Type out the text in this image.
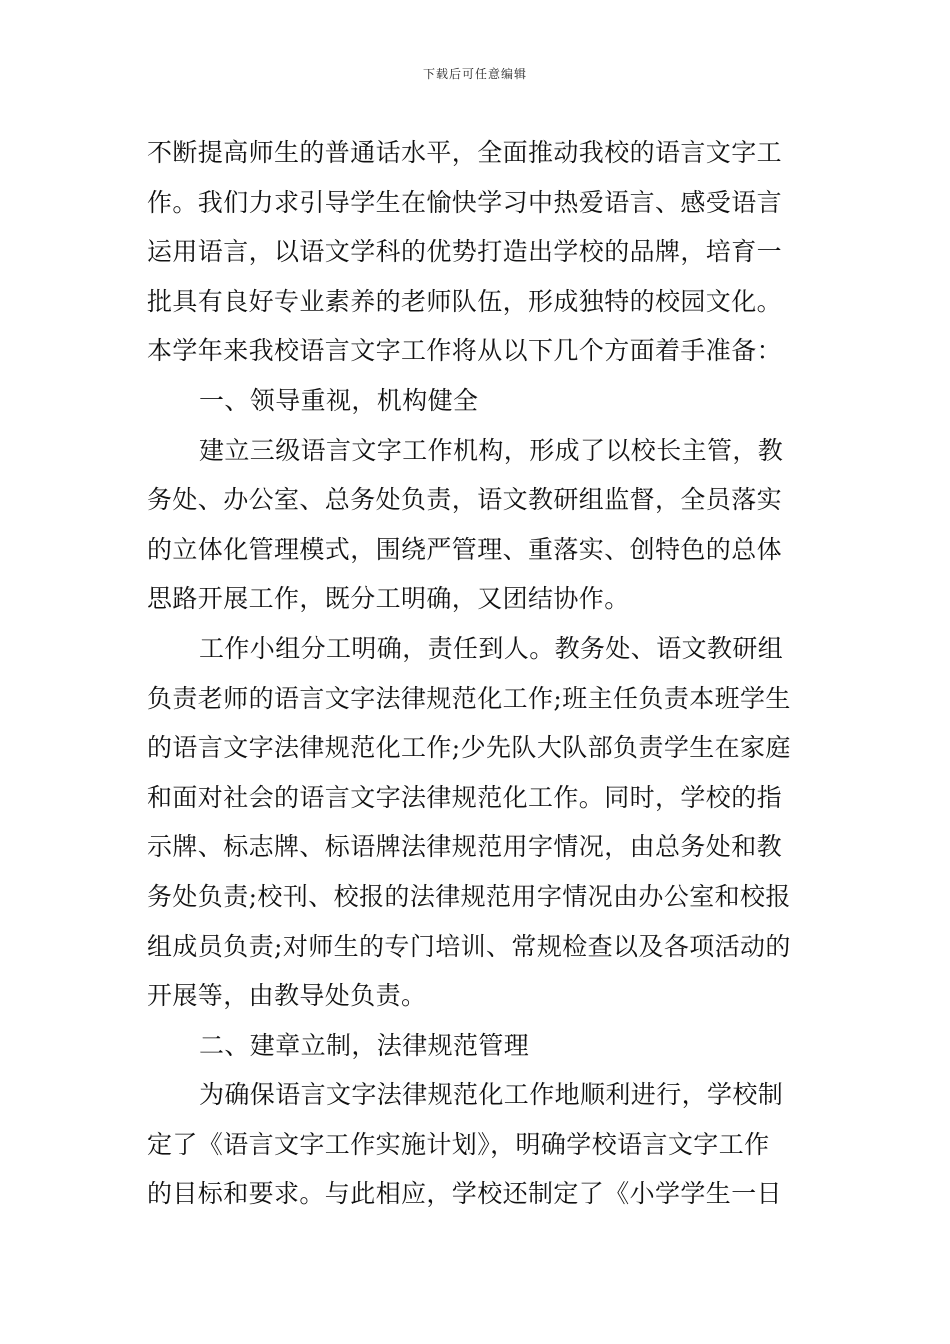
下载后可任意编辑
不断提高师生的普通话水平，全面推动我校的语言文字工
作。我们力求引导学生在愉快学习中热爱语言、感受语言
运用语言，以语文学科的优势打造出学校的品牌，培育一
批具有良好专业素养的老师队伍，形成独特的校园文化。
本学年来我校语言文字工作将从以下几个方面着手准备：
一、领导重视，机构健全
建立三级语言文字工作机构，形成了以校长主管，教
务处、办公室、总务处负责，语文教研组监督，全员落实
的立体化管理模式，围绕严管理、重落实、创特色的总体
思路开展工作，既分工明确，又团结协作。
工作小组分工明确，责任到人。教务处、语文教研组
负责老师的语言文字法律规范化工作;班主任负责本班学生
的语言文字法律规范化工作;少先队大队部负责学生在家庭
和面对社会的语言文字法律规范化工作。同时，学校的指
示牌、标志牌、标语牌法律规范用字情况，由总务处和教
务处负责;校刊、校报的法律规范用字情况由办公室和校报
组成员负责;对师生的专门培训、常规检查以及各项活动的
开展等，由教导处负责。
二、建章立制，法律规范管理
为确保语言文字法律规范化工作地顺利进行，学校制
定了《语言文字工作实施计划》，明确学校语言文字工作
的目标和要求。与此相应，学校还制定了《小学学生一日
